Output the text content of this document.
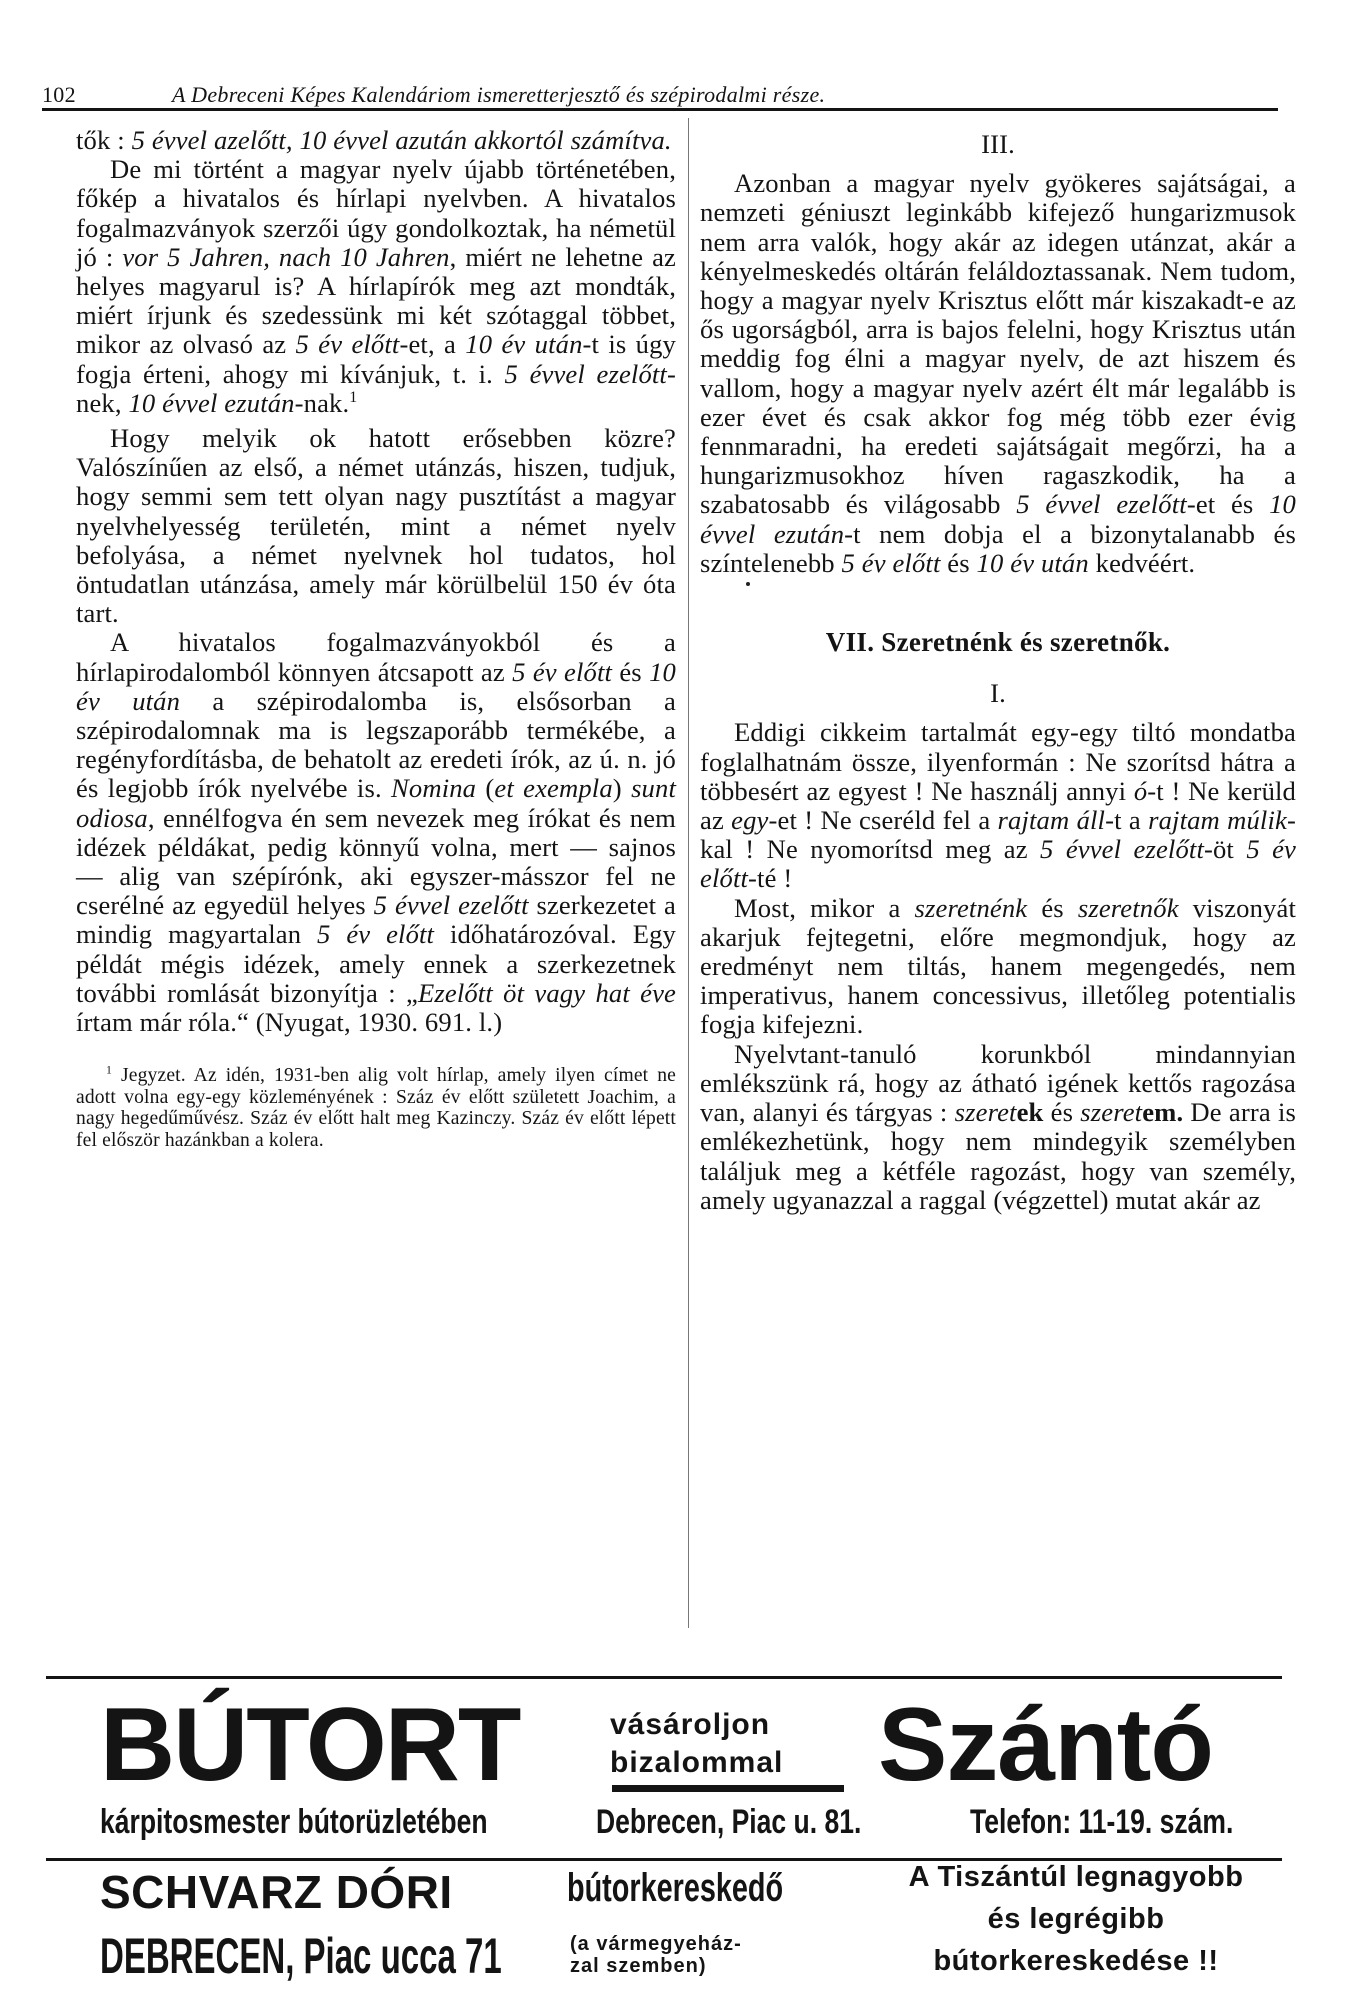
102	A Debreceni Képes Kalendáriom ismeretterjesztő és szépirodalmi része.

tők : 5 évvel azelőtt, 10 évvel azután akkortól számítva.

De mi történt a magyar nyelv újabb történetében, főkép a hivatalos és hírlapi nyelvben. A hivatalos fogalmazványok szerzői úgy gondolkoztak, ha németül jó : vor 5 Jahren, nach 10 Jahren, miért ne lehetne az helyes magyarul is? A hírlapírók meg azt mondták, miért írjunk és szedessünk mi két szótaggal többet, mikor az olvasó az 5 év előtt-et, a 10 év után-t is úgy fogja érteni, ahogy mi kívánjuk, t. i. 5 évvel ezelőtt-nek, 10 évvel ezután-nak.$^1$

Hogy melyik ok hatott erősebben közre? Valószínűen az első, a német utánzás, hiszen, tudjuk, hogy semmi sem tett olyan nagy pusztítást a magyar nyelvhelyesség területén, mint a német nyelv befolyása, a német nyelvnek hol tudatos, hol öntudatlan utánzása, amely már körülbelül 150 év óta tart.

A hivatalos fogalmazványokból és a hírlapirodalomból könnyen átcsapott az 5 év előtt és 10 év után a szépirodalomba is, elsősorban a szépirodalomnak ma is legszaporább termékébe, a regényfordításba, de behatolt az eredeti írók, az ú. n. jó és legjobb írók nyelvébe is. Nomina (et exempla) sunt odiosa, ennélfogva én sem nevezek meg írókat és nem idézek példákat, pedig könnyű volna, mert — sajnos — alig van szépírónk, aki egyszer-másszor fel ne cserélné az egyedül helyes 5 évvel ezelőtt szerkezetet a mindig magyartalan 5 év előtt időhatározóval. Egy példát mégis idézek, amely ennek a szerkezetnek további romlását bizonyítja : „Ezelőtt öt vagy hat éve írtam már róla.“ (Nyugat, 1930. 691. l.)

$^1$ Jegyzet. Az idén, 1931-ben alig volt hírlap, amely ilyen címet ne adott volna egy-egy közleményének : Száz év előtt született Joachim, a nagy hegedűművész. Száz év előtt halt meg Kazinczy. Száz év előtt lépett fel először hazánkban a kolera.

III.

Azonban a magyar nyelv gyökeres sajátságai, a nemzeti géniuszt leginkább kifejező hungarizmusok nem arra valók, hogy akár az idegen utánzat, akár a kényelmeskedés oltárán feláldoztassanak. Nem tudom, hogy a magyar nyelv Krisztus előtt már kiszakadt-e az ős ugorságból, arra is bajos felelni, hogy Krisztus után meddig fog élni a magyar nyelv, de azt hiszem és vallom, hogy a magyar nyelv azért élt már legalább is ezer évet és csak akkor fog még több ezer évig fennmaradni, ha eredeti sajátságait megőrzi, ha a hungarizmusokhoz híven ragaszkodik, ha a szabatosabb és világosabb 5 évvel ezelőtt-et és 10 évvel ezután-t nem dobja el a bizonytalanabb és színtelenebb 5 év előtt és 10 év után kedvéért.

VII. Szeretnénk és szeretnők.
I.

Eddigi cikkeim tartalmát egy-egy tiltó mondatba foglalhatnám össze, ilyenformán : Ne szorítsd hátra a többesért az egyest ! Ne használj annyi ó-t ! Ne kerüld az egy-et ! Ne cseréld fel a rajtam áll-t a rajtam múlik-kal ! Ne nyomorítsd meg az 5 évvel ezelőtt-öt 5 év előtt-té !

Most, mikor a szeretnénk és szeretnők viszonyát akarjuk fejtegetni, előre megmondjuk, hogy az eredményt nem tiltás, hanem megengedés, nem imperativus, hanem concessivus, illetőleg potentialis fogja kifejezni.

Nyelvtant-tanuló korunkból mindannyian emlékszünk rá, hogy az átható igének kettős ragozása van, alanyi és tárgyas : szeretek és szeretem. De arra is emlékezhetünk, hogy nem mindegyik személyben találjuk meg a kétféle ragozást, hogy van személy, amely ugyanazzal a raggal (végzettel) mutat akár az

BÚTORT	vásároljon
bizalommal Szántó
kárpitosmester bútorüzletében	Debrecen, Piac u. 81.	Telefon: 11-19. szám.
SCHVARZ DÓRI	bútorkereskedő
DEBRECEN, Piac ucca 71	(a vármegyeház-
zal szemben)
A Tiszántúl legnagyobb
és legrégibb
bútorkereskedése !!
